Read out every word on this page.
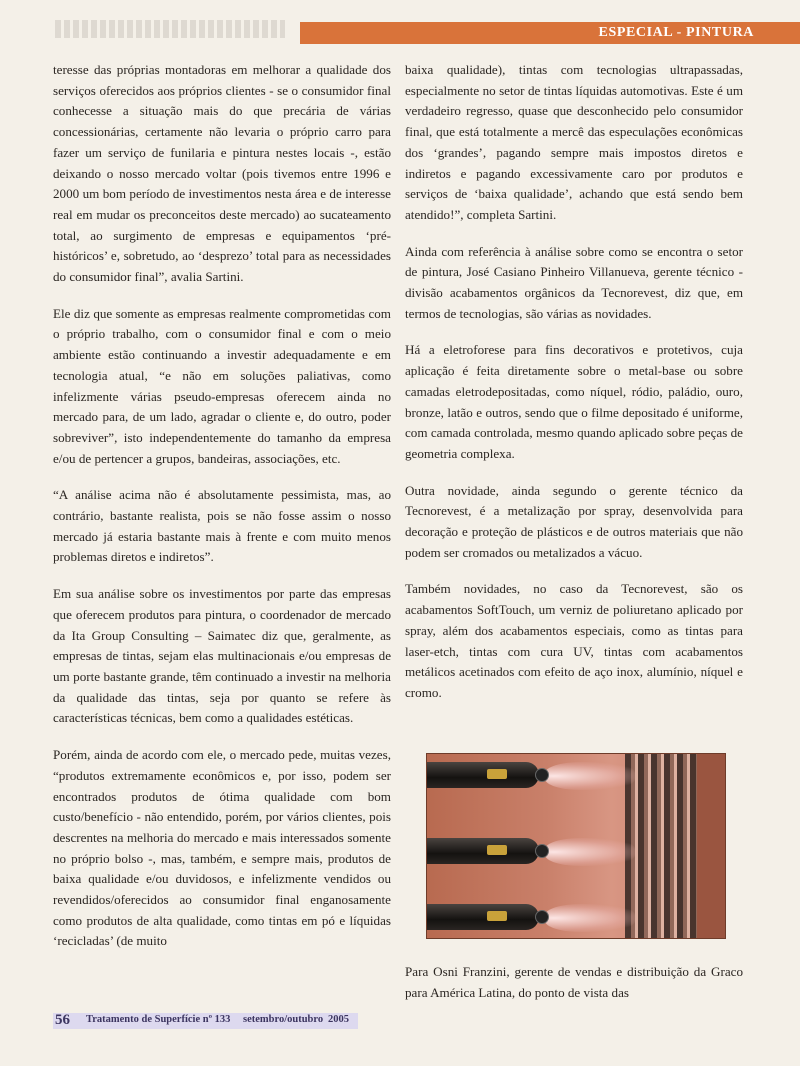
ESPECIAL - PINTURA

teresse das próprias montadoras em melhorar a qualidade dos serviços oferecidos aos próprios clientes - se o consumidor final conhecesse a situação mais do que precária de várias concessionárias, certamente não levaria o próprio carro para fazer um serviço de funilaria e pintura nestes locais -, estão deixando o nosso mercado voltar (pois tivemos entre 1996 e 2000 um bom período de investimentos nesta área e de interesse real em mudar os preconceitos deste mercado) ao sucateamento total, ao surgimento de empresas e equipamentos ‘pré-históricos’ e, sobretudo, ao ‘desprezo’ total para as necessidades do consumidor final”, avalia Sartini.

Ele diz que somente as empresas realmente comprometidas com o próprio trabalho, com o consumidor final e com o meio ambiente estão continuando a investir adequadamente e em tecnologia atual, “e não em soluções paliativas, como infelizmente várias pseudo-empresas oferecem ainda no mercado para, de um lado, agradar o cliente e, do outro, poder sobreviver”, isto independentemente do tamanho da empresa e/ou de pertencer a grupos, bandeiras, associações, etc.

“A análise acima não é absolutamente pessimista, mas, ao contrário, bastante realista, pois se não fosse assim o nosso mercado já estaria bastante mais à frente e com muito menos problemas diretos e indiretos”.

Em sua análise sobre os investimentos por parte das empresas que oferecem produtos para pintura, o coordenador de mercado da Ita Group Consulting – Saimatec diz que, geralmente, as empresas de tintas, sejam elas multinacionais e/ou empresas de um porte bastante grande, têm continuado a investir na melhoria da qualidade das tintas, seja por quanto se refere às características técnicas, bem como a qualidades estéticas.

Porém, ainda de acordo com ele, o mercado pede, muitas vezes, “produtos extremamente econômicos e, por isso, podem ser encontrados produtos de ótima qualidade com bom custo/benefício - não entendido, porém, por vários clientes, pois descrentes na melhoria do mercado e mais interessados somente no próprio bolso -, mas, também, e sempre mais, produtos de baixa qualidade e/ou duvidosos, e infelizmente vendidos ou revendidos/oferecidos ao consumidor final enganosamente como produtos de alta qualidade, como tintas em pó e líquidas ‘recicladas’ (de muito

baixa qualidade), tintas com tecnologias ultrapassadas, especialmente no setor de tintas líquidas automotivas. Este é um verdadeiro regresso, quase que desconhecido pelo consumidor final, que está totalmente a mercê das especulações econômicas dos ‘grandes’, pagando sempre mais impostos diretos e indiretos e pagando excessivamente caro por produtos e serviços de ‘baixa qualidade’, achando que está sendo bem atendido!”, completa Sartini.

Ainda com referência à análise sobre como se encontra o setor de pintura, José Casiano Pinheiro Villanueva, gerente técnico - divisão acabamentos orgânicos da Tecnorevest, diz que, em termos de tecnologias, são várias as novidades.

Há a eletroforese para fins decorativos e protetivos, cuja aplicação é feita diretamente sobre o metal-base ou sobre camadas eletrodepositadas, como níquel, ródio, paládio, ouro, bronze, latão e outros, sendo que o filme depositado é uniforme, com camada controlada, mesmo quando aplicado sobre peças de geometria complexa.

Outra novidade, ainda segundo o gerente técnico da Tecnorevest, é a metalização por spray, desenvolvida para decoração e proteção de plásticos e de outros materiais que não podem ser cromados ou metalizados a vácuo.

Também novidades, no caso da Tecnorevest, são os acabamentos SoftTouch, um verniz de poliuretano aplicado por spray, além dos acabamentos especiais, como as tintas para laser-etch, tintas com cura UV, tintas com acabamentos metálicos acetinados com efeito de aço inox, alumínio, níquel e cromo.

Para Osni Franzini, gerente de vendas e distribuição da Graco para América Latina, do ponto de vista das

56 Tratamento de Superfície nº 133 setembro/outubro 2005
